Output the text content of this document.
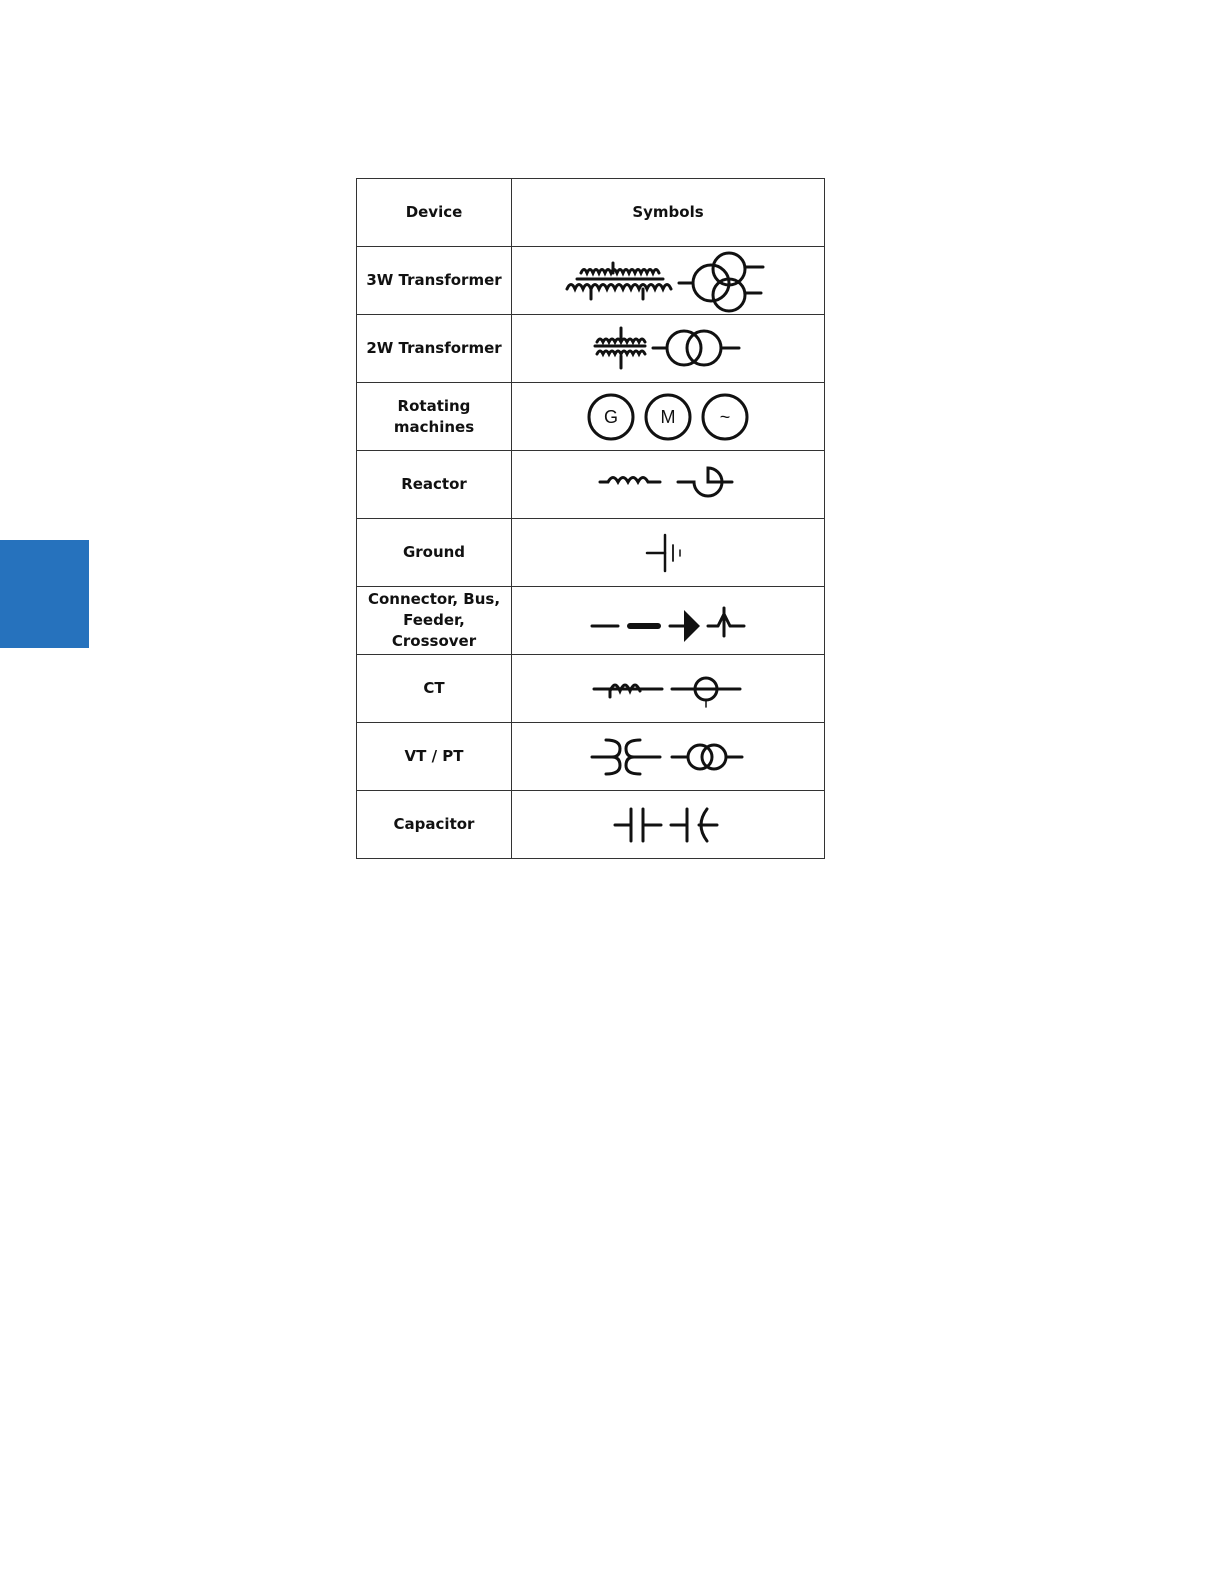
Device	Symbols

3W Transformer

2W Transformer

Rotating machines	G M ~

Reactor

Ground

Connector, Bus, Feeder, Crossover

CT

VT / PT

Capacitor
